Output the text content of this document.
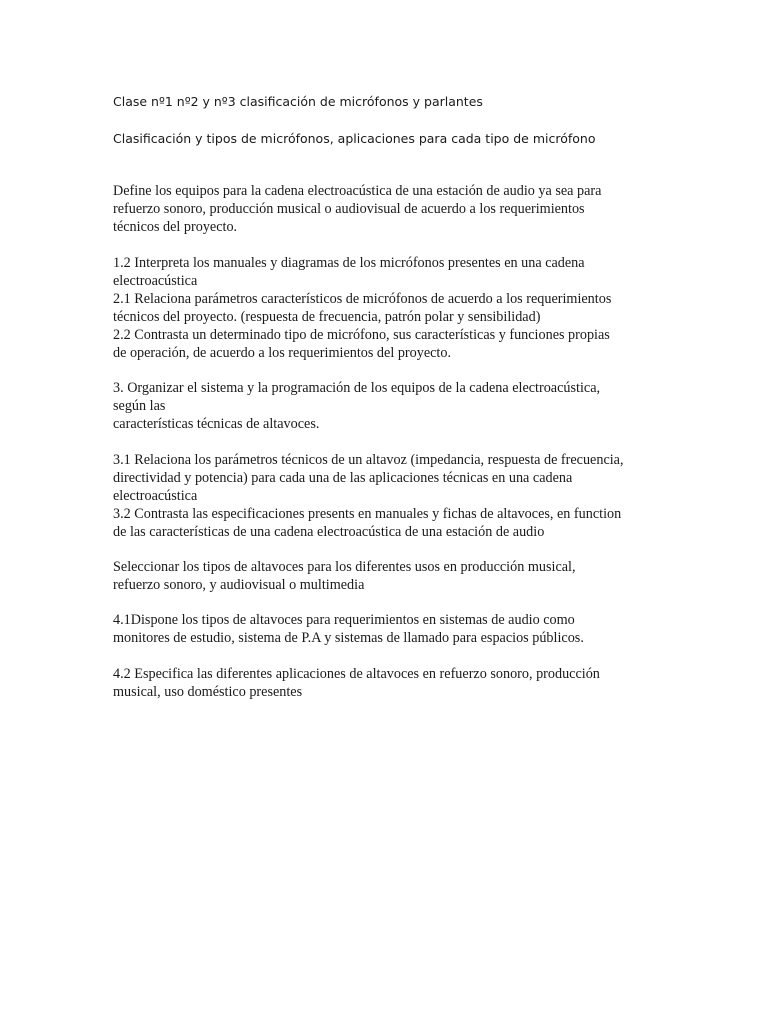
Clase nº1 nº2 y nº3 clasificación de micrófonos y parlantes
Clasificación y tipos de micrófonos, aplicaciones para cada tipo de micrófono

Define los equipos para la cadena electroacústica de una estación de audio ya sea para
refuerzo sonoro, producción musical o audiovisual de acuerdo a los requerimientos
técnicos del proyecto.

1.2 Interpreta los manuales y diagramas de los micrófonos presentes en una cadena
electroacústica
2.1 Relaciona parámetros característicos de micrófonos de acuerdo a los requerimientos
técnicos del proyecto. (respuesta de frecuencia, patrón polar y sensibilidad)
2.2 Contrasta un determinado tipo de micrófono, sus características y funciones propias
de operación, de acuerdo a los requerimientos del proyecto.

3. Organizar el sistema y la programación de los equipos de la cadena electroacústica,
según las
características técnicas de altavoces.

3.1 Relaciona los parámetros técnicos de un altavoz (impedancia, respuesta de frecuencia,
directividad y potencia) para cada una de las aplicaciones técnicas en una cadena
electroacústica
3.2 Contrasta las especificaciones presents en manuales y fichas de altavoces, en function
de las características de una cadena electroacústica de una estación de audio

Seleccionar los tipos de altavoces para los diferentes usos en producción musical,
refuerzo sonoro, y audiovisual o multimedia

4.1Dispone los tipos de altavoces para requerimientos en sistemas de audio como
monitores de estudio, sistema de P.A y sistemas de llamado para espacios públicos.

4.2 Especifica las diferentes aplicaciones de altavoces en refuerzo sonoro, producción
musical, uso doméstico presentes
